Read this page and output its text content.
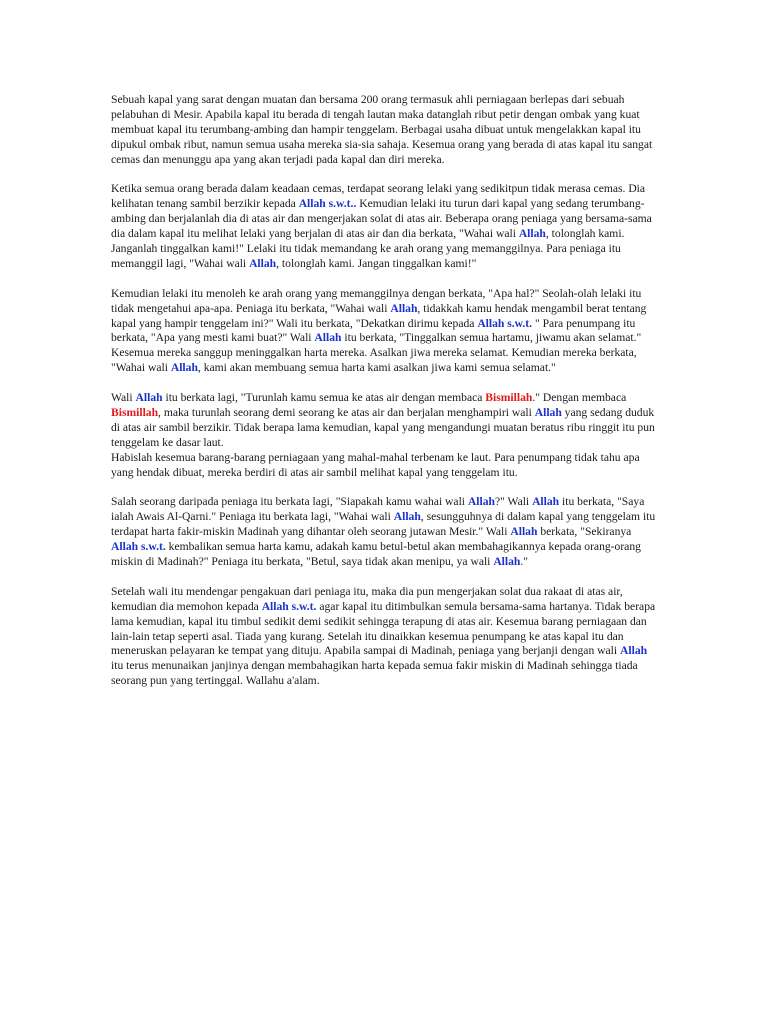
Sebuah kapal yang sarat dengan muatan dan bersama 200 orang termasuk ahli perniagaan berlepas dari sebuah pelabuhan di Mesir. Apabila kapal itu berada di tengah lautan maka datanglah ribut petir dengan ombak yang kuat membuat kapal itu terumbang-ambing dan hampir tenggelam. Berbagai usaha dibuat untuk mengelakkan kapal itu dipukul ombak ribut, namun semua usaha mereka sia-sia sahaja. Kesemua orang yang berada di atas kapal itu sangat cemas dan menunggu apa yang akan terjadi pada kapal dan diri mereka.

Ketika semua orang berada dalam keadaan cemas, terdapat seorang lelaki yang sedikitpun tidak merasa cemas. Dia kelihatan tenang sambil berzikir kepada Allah s.w.t.. Kemudian lelaki itu turun dari kapal yang sedang terumbang-ambing dan berjalanlah dia di atas air dan mengerjakan solat di atas air. Beberapa orang peniaga yang bersama-sama dia dalam kapal itu melihat lelaki yang berjalan di atas air dan dia berkata, "Wahai wali Allah, tolonglah kami. Janganlah tinggalkan kami!" Lelaki itu tidak memandang ke arah orang yang memanggilnya. Para peniaga itu memanggil lagi, "Wahai wali Allah, tolonglah kami. Jangan tinggalkan kami!"

Kemudian lelaki itu menoleh ke arah orang yang memanggilnya dengan berkata, "Apa hal?" Seolah-olah lelaki itu tidak mengetahui apa-apa. Peniaga itu berkata, "Wahai wali Allah, tidakkah kamu hendak mengambil berat tentang kapal yang hampir tenggelam ini?" Wali itu berkata, "Dekatkan dirimu kepada Allah s.w.t. " Para penumpang itu berkata, "Apa yang mesti kami buat?" Wali Allah itu berkata, "Tinggalkan semua hartamu, jiwamu akan selamat." Kesemua mereka sanggup meninggalkan harta mereka. Asalkan jiwa mereka selamat. Kemudian mereka berkata, "Wahai wali Allah, kami akan membuang semua harta kami asalkan jiwa kami semua selamat."

Wali Allah itu berkata lagi, "Turunlah kamu semua ke atas air dengan membaca Bismillah." Dengan membaca Bismillah, maka turunlah seorang demi seorang ke atas air dan berjalan menghampiri wali Allah yang sedang duduk di atas air sambil berzikir. Tidak berapa lama kemudian, kapal yang mengandungi muatan beratus ribu ringgit itu pun tenggelam ke dasar laut.
Habislah kesemua barang-barang perniagaan yang mahal-mahal terbenam ke laut. Para penumpang tidak tahu apa yang hendak dibuat, mereka berdiri di atas air sambil melihat kapal yang tenggelam itu.

Salah seorang daripada peniaga itu berkata lagi, "Siapakah kamu wahai wali Allah?" Wali Allah itu berkata, "Saya ialah Awais Al-Qarni." Peniaga itu berkata lagi, "Wahai wali Allah, sesungguhnya di dalam kapal yang tenggelam itu terdapat harta fakir-miskin Madinah yang dihantar oleh seorang jutawan Mesir." Wali Allah berkata, "Sekiranya Allah s.w.t. kembalikan semua harta kamu, adakah kamu betul-betul akan membahagikannya kepada orang-orang miskin di Madinah?" Peniaga itu berkata, "Betul, saya tidak akan menipu, ya wali Allah."

Setelah wali itu mendengar pengakuan dari peniaga itu, maka dia pun mengerjakan solat dua rakaat di atas air, kemudian dia memohon kepada Allah s.w.t. agar kapal itu ditimbulkan semula bersama-sama hartanya. Tidak berapa lama kemudian, kapal itu timbul sedikit demi sedikit sehingga terapung di atas air. Kesemua barang perniagaan dan lain-lain tetap seperti asal. Tiada yang kurang. Setelah itu dinaikkan kesemua penumpang ke atas kapal itu dan meneruskan pelayaran ke tempat yang dituju. Apabila sampai di Madinah, peniaga yang berjanji dengan wali Allah itu terus menunaikan janjinya dengan membahagikan harta kepada semua fakir miskin di Madinah sehingga tiada seorang pun yang tertinggal. Wallahu a'alam.
